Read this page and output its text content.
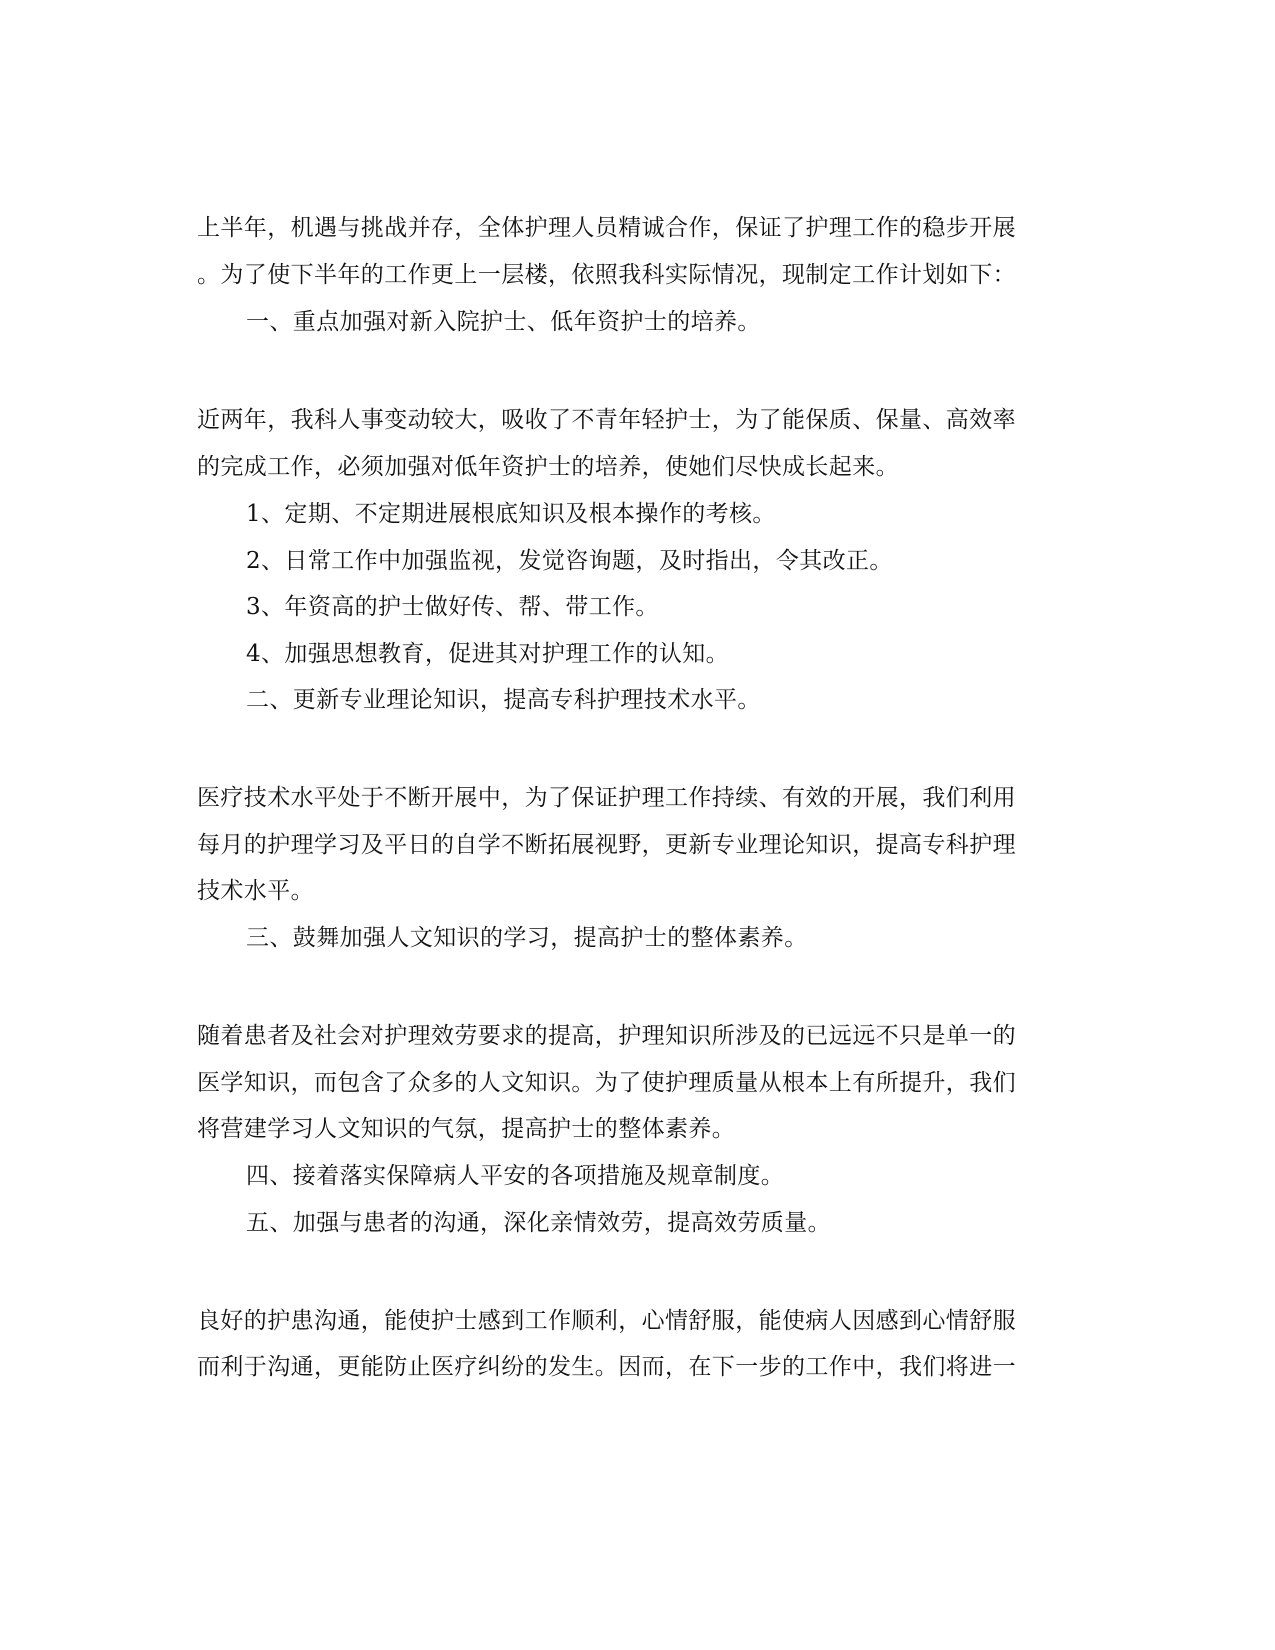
上半年，机遇与挑战并存，全体护理人员精诚合作，保证了护理工作的稳步开展
。为了使下半年的工作更上一层楼，依照我科实际情况，现制定工作计划如下：
一、重点加强对新入院护士、低年资护士的培养。
近两年，我科人事变动较大，吸收了不青年轻护士，为了能保质、保量、高效率
的完成工作，必须加强对低年资护士的培养，使她们尽快成长起来。
1、定期、不定期进展根底知识及根本操作的考核。
2、日常工作中加强监视，发觉咨询题，及时指出，令其改正。
3、年资高的护士做好传、帮、带工作。
4、加强思想教育，促进其对护理工作的认知。
二、更新专业理论知识，提高专科护理技术水平。
医疗技术水平处于不断开展中，为了保证护理工作持续、有效的开展，我们利用
每月的护理学习及平日的自学不断拓展视野，更新专业理论知识，提高专科护理
技术水平。
三、鼓舞加强人文知识的学习，提高护士的整体素养。
随着患者及社会对护理效劳要求的提高，护理知识所涉及的已远远不只是单一的
医学知识，而包含了众多的人文知识。为了使护理质量从根本上有所提升，我们
将营建学习人文知识的气氛，提高护士的整体素养。
四、接着落实保障病人平安的各项措施及规章制度。
五、加强与患者的沟通，深化亲情效劳，提高效劳质量。
良好的护患沟通，能使护士感到工作顺利，心情舒服，能使病人因感到心情舒服
而利于沟通，更能防止医疗纠纷的发生。因而，在下一步的工作中，我们将进一
